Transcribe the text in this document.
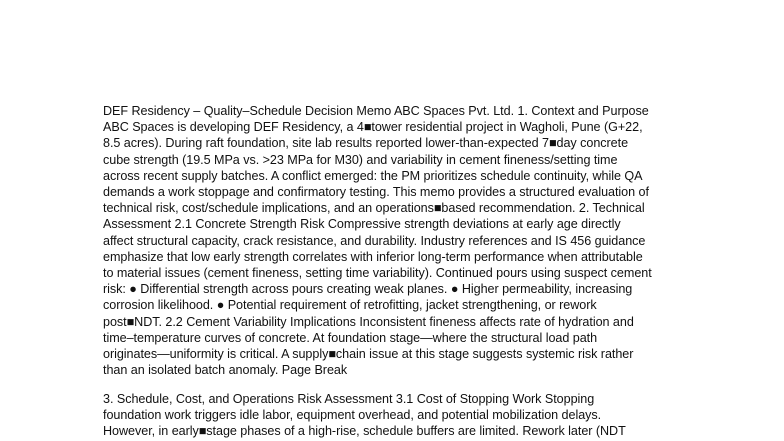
DEF Residency – Quality–Schedule Decision Memo ABC Spaces Pvt. Ltd. 1. Context and Purpose
ABC Spaces is developing DEF Residency, a 4■tower residential project in Wagholi, Pune (G+22,
8.5 acres). During raft foundation, site lab results reported lower-than-expected 7■day concrete
cube strength (19.5 MPa vs. >23 MPa for M30) and variability in cement fineness/setting time
across recent supply batches. A conflict emerged: the PM prioritizes schedule continuity, while QA
demands a work stoppage and confirmatory testing. This memo provides a structured evaluation of
technical risk, cost/schedule implications, and an operations■based recommendation. 2. Technical
Assessment 2.1 Concrete Strength Risk Compressive strength deviations at early age directly
affect structural capacity, crack resistance, and durability. Industry references and IS 456 guidance
emphasize that low early strength correlates with inferior long-term performance when attributable
to material issues (cement fineness, setting time variability). Continued pours using suspect cement
risk: ● Differential strength across pours creating weak planes. ● Higher permeability, increasing
corrosion likelihood. ● Potential requirement of retrofitting, jacket strengthening, or rework
post■NDT. 2.2 Cement Variability Implications Inconsistent fineness affects rate of hydration and
time–temperature curves of concrete. At foundation stage—where the structural load path
originates—uniformity is critical. A supply■chain issue at this stage suggests systemic risk rather
than an isolated batch anomaly. Page Break

3. Schedule, Cost, and Operations Risk Assessment 3.1 Cost of Stopping Work Stopping
foundation work triggers idle labor, equipment overhead, and potential mobilization delays.
However, in early■stage phases of a high-rise, schedule buffers are limited. Rework later (NDT
